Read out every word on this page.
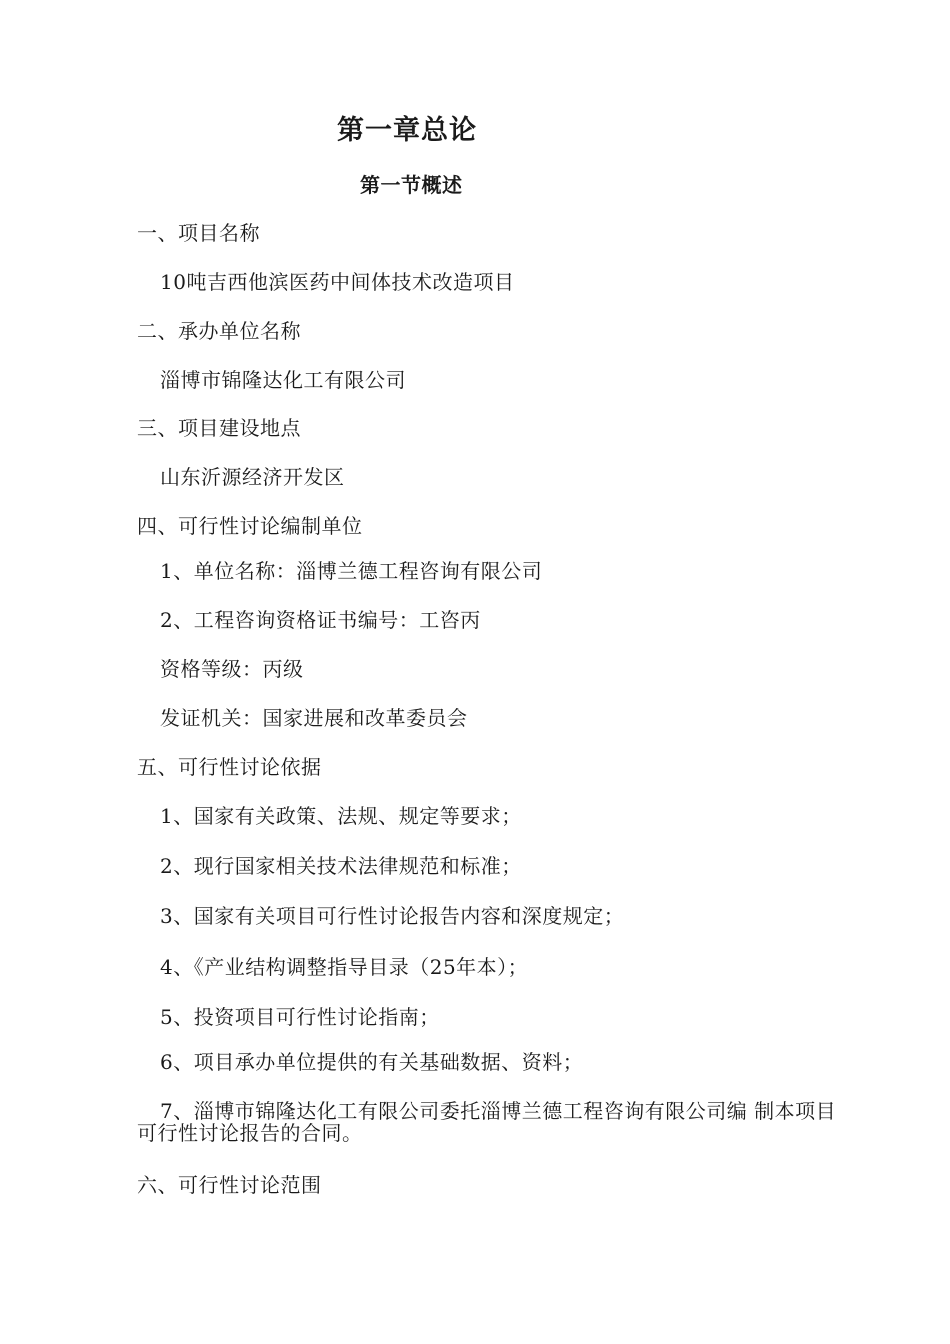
第一章总论
第一节概述

一、项目名称

10吨吉西他滨医药中间体技术改造项目

二、承办单位名称

淄博市锦隆达化工有限公司

三、项目建设地点

山东沂源经济开发区

四、可行性讨论编制单位

1、单位名称：淄博兰德工程咨询有限公司

2、工程咨询资格证书编号：工咨丙

资格等级：丙级

发证机关：国家进展和改革委员会

五、可行性讨论依据

1、国家有关政策、法规、规定等要求；

2、现行国家相关技术法律规范和标准；

3、国家有关项目可行性讨论报告内容和深度规定；

4、《产业结构调整指导目录（25年本）；

5、投资项目可行性讨论指南；

6、项目承办单位提供的有关基础数据、资料；

7、淄博市锦隆达化工有限公司委托淄博兰德工程咨询有限公司编 制本项目可行性讨论报告的合同。

六、可行性讨论范围
